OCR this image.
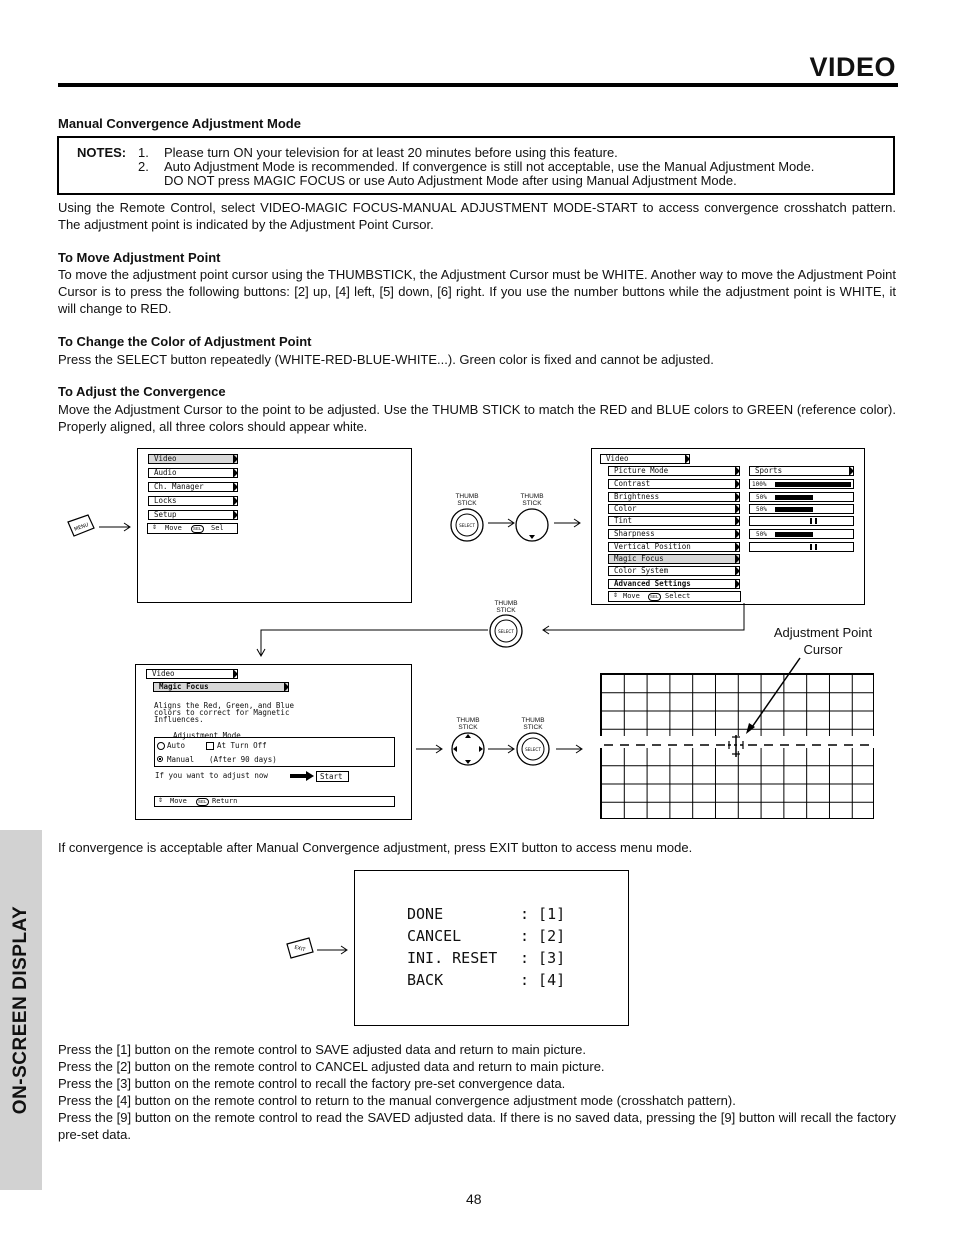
VIDEO
ON-SCREEN DISPLAY
Manual Convergence Adjustment Mode
NOTES: 1. Please turn ON your television for at least 20 minutes before using this feature.
2. Auto Adjustment Mode is recommended. If convergence is still not acceptable, use the Manual Adjustment Mode.
DO NOT press MAGIC FOCUS or use Auto Adjustment Mode after using Manual Adjustment Mode.
Using the Remote Control, select VIDEO-MAGIC FOCUS-MANUAL ADJUSTMENT MODE-START to access convergence crosshatch pattern. The adjustment point is indicated by the Adjustment Point Cursor.
To Move Adjustment Point
To move the adjustment point cursor using the THUMBSTICK, the Adjustment Cursor must be WHITE. Another way to move the Adjustment Point Cursor is to press the following buttons: [2] up, [4] left, [5] down, [6] right. If you use the number buttons while the adjustment point is WHITE, it will change to RED.
To Change the Color of Adjustment Point
Press the SELECT button repeatedly (WHITE-RED-BLUE-WHITE...). Green color is fixed and cannot be adjusted.
To Adjust the Convergence
Move the Adjustment Cursor to the point to be adjusted. Use the THUMB STICK to match the RED and BLUE colors to GREEN (reference color). Properly aligned, all three colors should appear white.
MENU
Video
Audio
Ch. Manager
Locks
Setup
⇕ Move	SEL Sel
THUMB
STICK
SELECT
THUMB
STICK
Video
Picture Mode
Contrast
Brightness
Color
Tint
Sharpness
Vertical Position
Magic Focus
Color System
Advanced Settings
⇕ Move	SEL Select
Sports
100%
50%
50%
50%
THUMB
STICK
SELECT
Video
Magic Focus
Aligns the Red, Green, and Blue
colors to correct for Magnetic
Influences.
Adjustment Mode
Auto	At Turn Off
Manual (After 90 days)
If you want to adjust now	Start
⇕ Move	SEL Return
THUMB
STICK
THUMB
STICK
SELECT
Adjustment Point
Cursor
If convergence is acceptable after Manual Convergence adjustment, press EXIT button to access menu mode.
EXIT
DONE	: [1]
CANCEL	: [2]
INI. RESET : [3]
BACK	: [4]
Press the [1] button on the remote control to SAVE adjusted data and return to main picture.
Press the [2] button on the remote control to CANCEL adjusted data and return to main picture.
Press the [3] button on the remote control to recall the factory pre-set convergence data.
Press the [4] button on the remote control to return to the manual convergence adjustment mode (crosshatch pattern).
Press the [9] button on the remote control to read the SAVED adjusted data. If there is no saved data, pressing the [9] button will recall the factory pre-set data.
48
